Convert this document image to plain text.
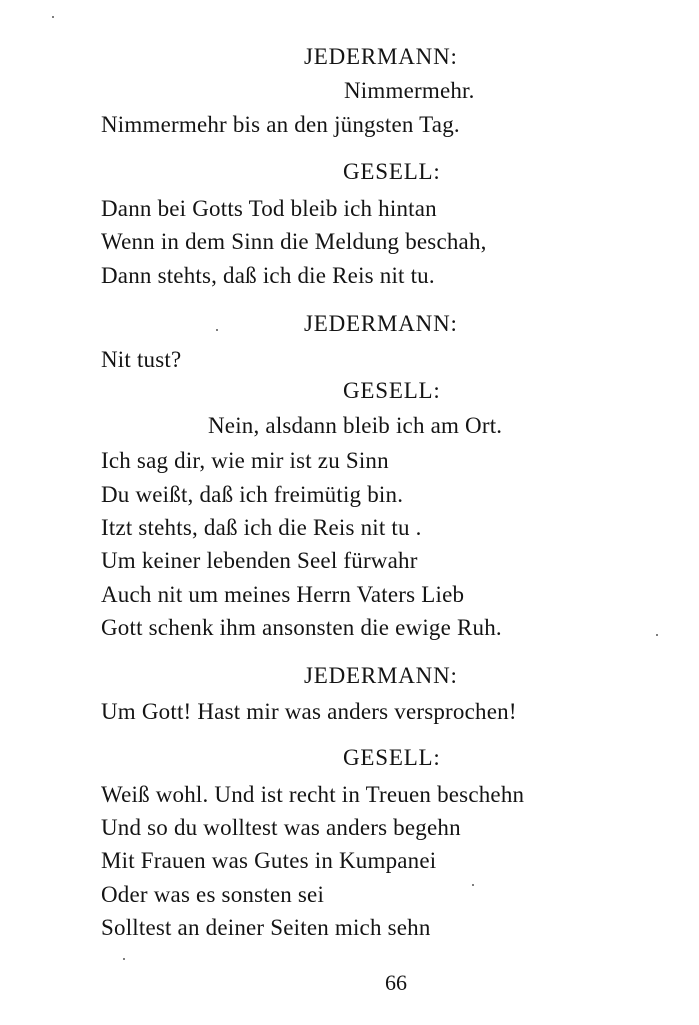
JEDERMANN:
Nimmermehr.
Nimmermehr bis an den jüngsten Tag.
GESELL:
Dann bei Gotts Tod bleib ich hintan
Wenn in dem Sinn die Meldung beschah,
Dann stehts, daß ich die Reis nit tu.
JEDERMANN:
Nit tust?
GESELL:
Nein, alsdann bleib ich am Ort.
Ich sag dir, wie mir ist zu Sinn
Du weißt, daß ich freimütig bin.
Itzt stehts, daß ich die Reis nit tu .
Um keiner lebenden Seel fürwahr
Auch nit um meines Herrn Vaters Lieb
Gott schenk ihm ansonsten die ewige Ruh.
JEDERMANN:
Um Gott! Hast mir was anders versprochen!
GESELL:
Weiß wohl. Und ist recht in Treuen beschehn
Und so du wolltest was anders begehn
Mit Frauen was Gutes in Kumpanei
Oder was es sonsten sei
Solltest an deiner Seiten mich sehn
66
